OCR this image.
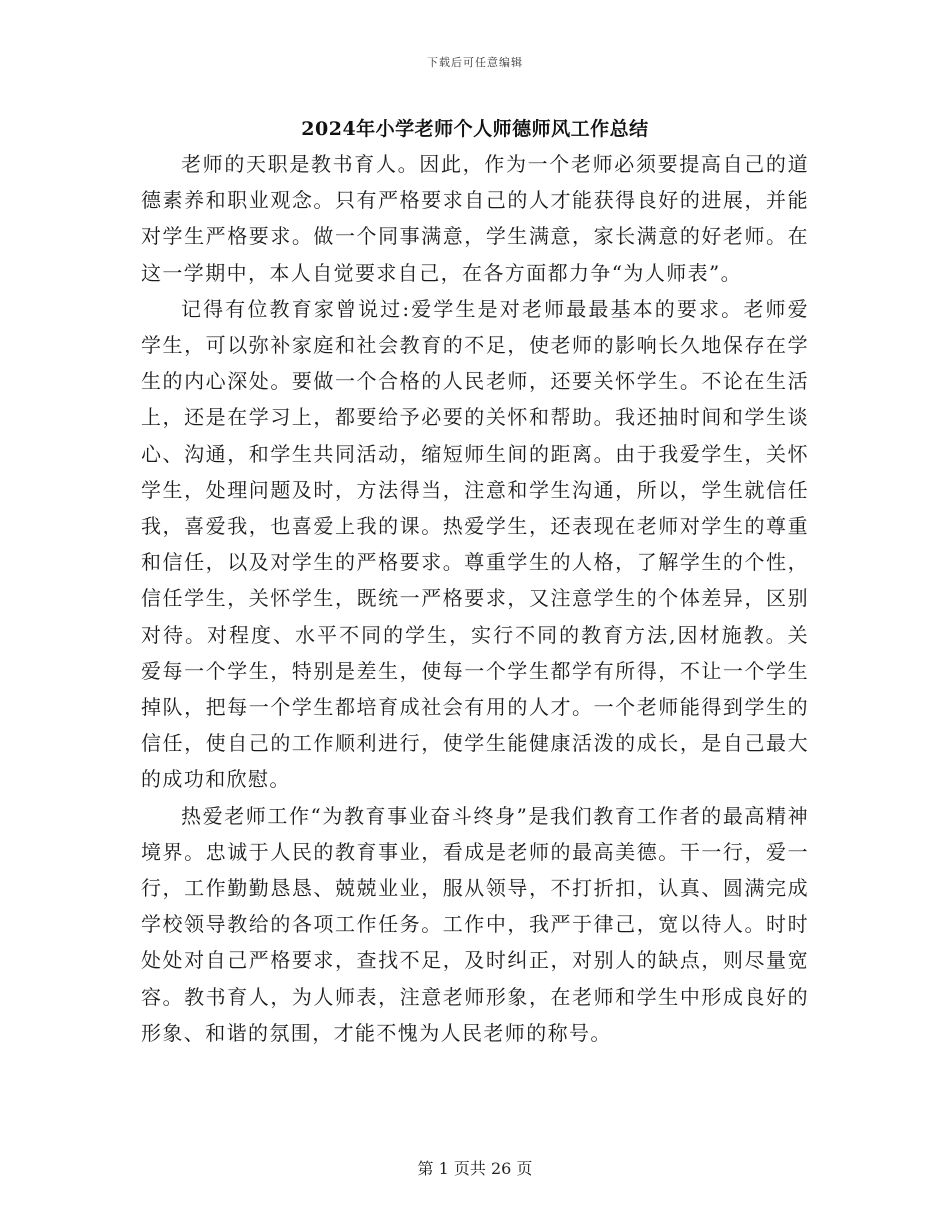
下载后可任意编辑
2024年小学老师个人师德师风工作总结

老师的天职是教书育人。因此，作为一个老师必须要提高自己的道德素养和职业观念。只有严格要求自己的人才能获得良好的进展，并能对学生严格要求。做一个同事满意，学生满意，家长满意的好老师。在这一学期中，本人自觉要求自己，在各方面都力争“为人师表”。

记得有位教育家曾说过:爱学生是对老师最最基本的要求。老师爱学生，可以弥补家庭和社会教育的不足，使老师的影响长久地保存在学生的内心深处。要做一个合格的人民老师，还要关怀学生。不论在生活上，还是在学习上，都要给予必要的关怀和帮助。我还抽时间和学生谈心、沟通，和学生共同活动，缩短师生间的距离。由于我爱学生，关怀学生，处理问题及时，方法得当，注意和学生沟通，所以，学生就信任我，喜爱我，也喜爱上我的课。热爱学生，还表现在老师对学生的尊重和信任，以及对学生的严格要求。尊重学生的人格，了解学生的个性，信任学生，关怀学生，既统一严格要求，又注意学生的个体差异，区别对待。对程度、水平不同的学生，实行不同的教育方法,因材施教。关爱每一个学生，特别是差生，使每一个学生都学有所得，不让一个学生掉队，把每一个学生都培育成社会有用的人才。一个老师能得到学生的信任，使自己的工作顺利进行，使学生能健康活泼的成长，是自己最大的成功和欣慰。

热爱老师工作“为教育事业奋斗终身”是我们教育工作者的最高精神境界。忠诚于人民的教育事业，看成是老师的最高美德。干一行，爱一行，工作勤勤恳恳、兢兢业业，服从领导，不打折扣，认真、圆满完成学校领导教给的各项工作任务。工作中，我严于律己，宽以待人。时时处处对自己严格要求，查找不足，及时纠正，对别人的缺点，则尽量宽容。教书育人，为人师表，注意老师形象，在老师和学生中形成良好的形象、和谐的氛围，才能不愧为人民老师的称号。

第 1 页共 26 页
